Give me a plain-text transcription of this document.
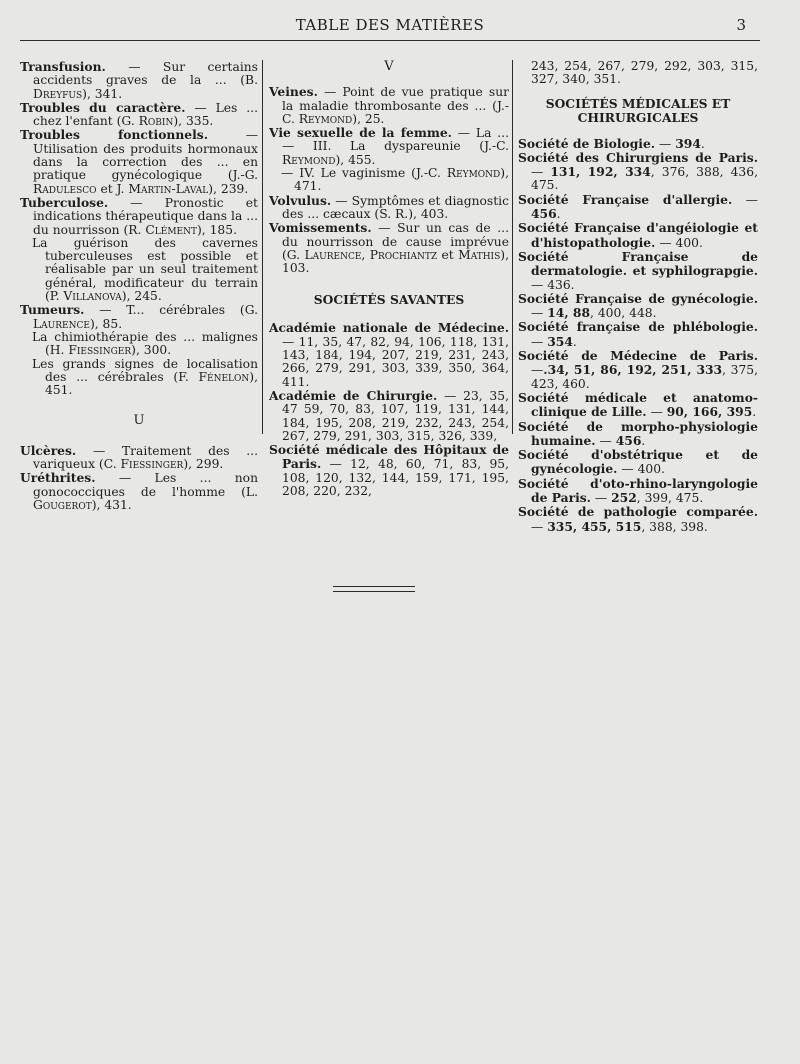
TABLE DES MATIÈRES	3

Transfusion. — Sur certains accidents graves de la ... (B. Dreyfus), 341.

Troubles du caractère. — Les ... chez l'enfant (G. Robin), 335.

Troubles fonctionnels. — Utilisation des produits hormonaux dans la correction des ... en pratique gynécologique (J.-G. Radulesco et J. Martin-Laval), 239.

Tuberculose. — Pronostic et indications thérapeutique dans la ... du nourrisson (R. Clément), 185.

La guérison des cavernes tuberculeuses est possible et réalisable par un seul traitement général, modificateur du terrain (P. Villanova), 245.

Tumeurs. — T... cérébrales (G. Laurence), 85.

La chimiothérapie des ... malignes (H. Fiessinger), 300.

Les grands signes de localisation des ... cérébrales (F. Fénelon), 451.

U

Ulcères. — Traitement des ... variqueux (C. Fiessinger), 299.

Uréthrites. — Les ... non gonococciques de l'homme (L. Gougerot), 431.

V

Veines. — Point de vue pratique sur la maladie thrombosante des ... (J.-C. Reymond), 25.

Vie sexuelle de la femme. — La ... — III. La dyspareunie (J.-C. Reymond), 455.

— IV. Le vaginisme (J.-C. Reymond), 471.

Volvulus. — Symptômes et diagnostic des ... cæcaux (S. R.), 403.

Vomissements. — Sur un cas de ... du nourrisson de cause imprévue (G. Laurence, Prochiantz et Mathis), 103.

SOCIÉTÉS SAVANTES

Académie nationale de Médecine. — 11, 35, 47, 82, 94, 106, 118, 131, 143, 184, 194, 207, 219, 231, 243, 266, 279, 291, 303, 339, 350, 364, 411.

Académie de Chirurgie. — 23, 35, 47 59, 70, 83, 107, 119, 131, 144, 184, 195, 208, 219, 232, 243, 254, 267, 279, 291, 303, 315, 326, 339,

Société médicale des Hôpitaux de Paris. — 12, 48, 60, 71, 83, 95, 108, 120, 132, 144, 159, 171, 195, 208, 220, 232,

243, 254, 267, 279, 292, 303, 315, 327, 340, 351.

SOCIÉTÉS MÉDICALES ET CHIRURGICALES

Société de Biologie. — 394.

Société des Chirurgiens de Paris. — 131, 192, 334, 376, 388, 436, 475.

Société Française d'allergie. — 456.

Société Française d'angéiologie et d'histopathologie. — 400.

Société Française de dermatologie. et syphilograpgie. — 436.

Société Française de gynécologie. — 14, 88, 400, 448.

Société française de phlébologie. — 354.

Société de Médecine de Paris. —.34, 51, 86, 192, 251, 333, 375, 423, 460.

Société médicale et anatomo-clinique de Lille. — 90, 166, 395.

Société de morpho-physiologie humaine. — 456.

Société d'obstétrique et de gynécologie. — 400.

Société d'oto-rhino-laryngologie de Paris. — 252, 399, 475.

Société de pathologie comparée. — 335, 455, 515, 388, 398.
